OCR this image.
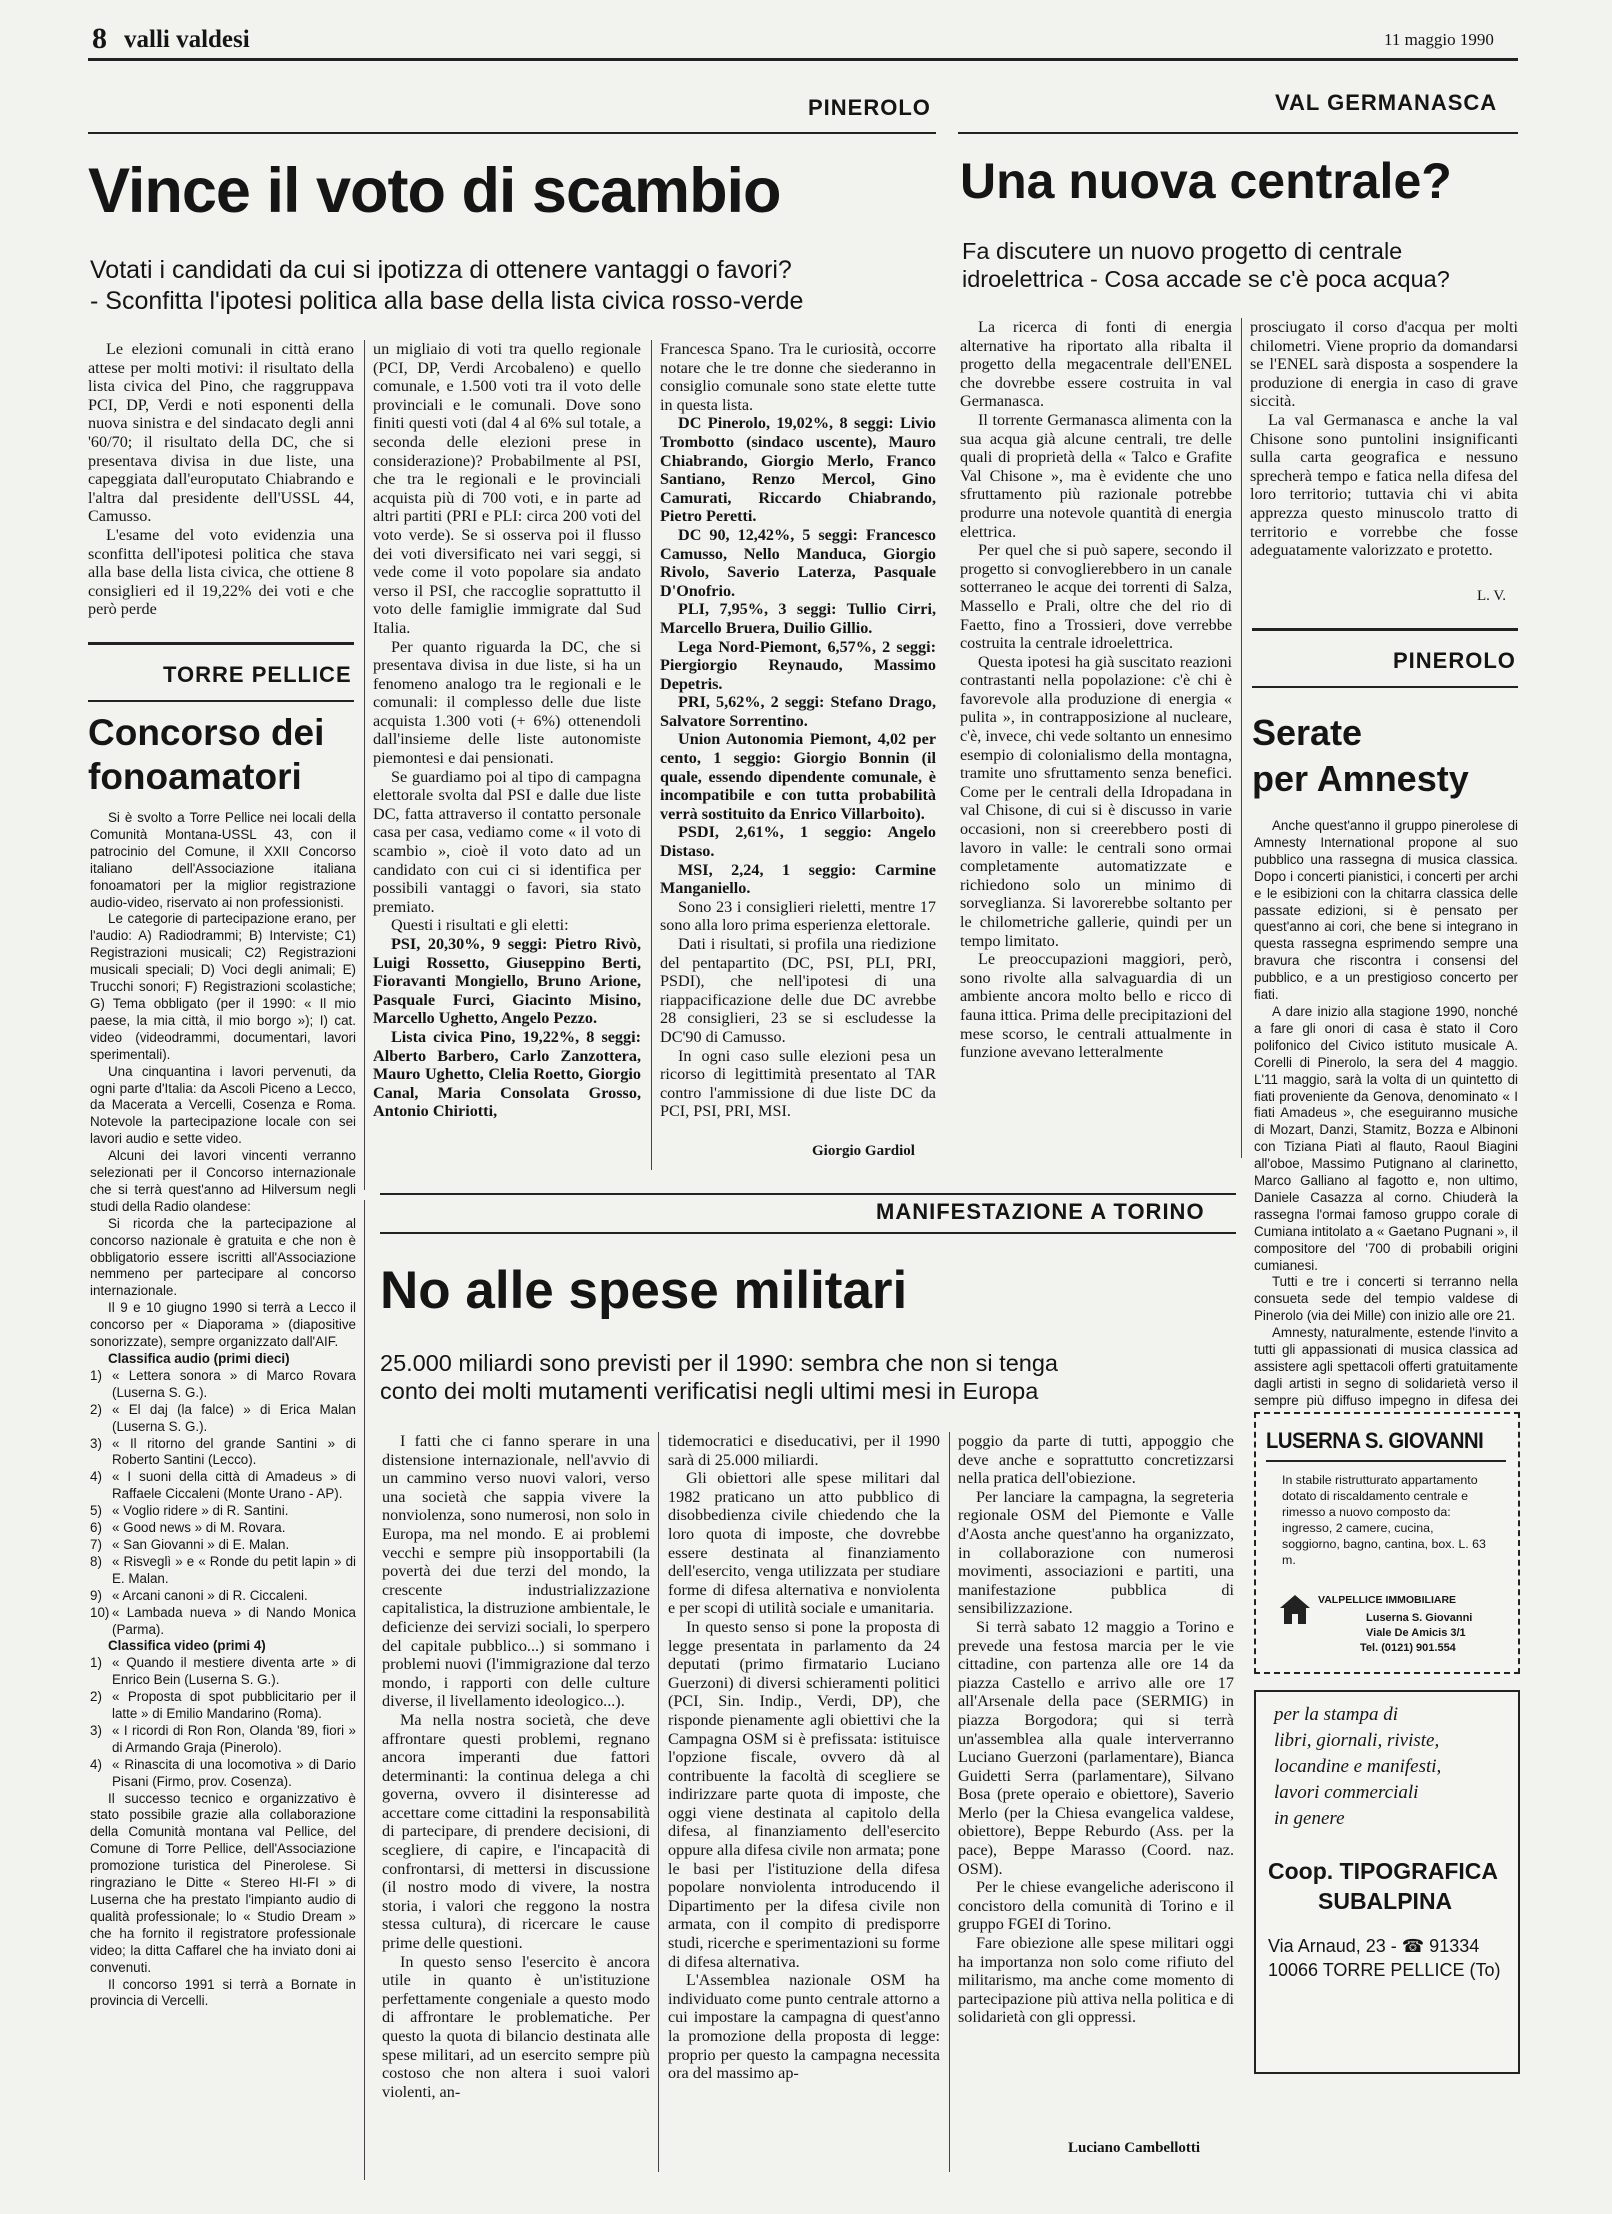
8 valli valdesi	11 maggio 1990
PINEROLO
Vince il voto di scambio
Votati i candidati da cui si ipotizza di ottenere vantaggi o favori?
- Sconfitta l'ipotesi politica alla base della lista civica rosso-verde

Le elezioni comunali in città erano attese per molti motivi: il risultato della lista civica del Pino, che raggruppava PCI, DP, Verdi e noti esponenti della nuova sinistra e del sindacato degli anni '60/70; il risultato della DC, che si presentava divisa in due liste, una capeggiata dall'europutato Chiabrando e l'altra dal presidente dell'USSL 44, Camusso.

L'esame del voto evidenzia una sconfitta dell'ipotesi politica che stava alla base della lista civica, che ottiene 8 consiglieri ed il 19,22% dei voti e che però perde

un migliaio di voti tra quello regionale (PCI, DP, Verdi Arcobaleno) e quello comunale, e 1.500 voti tra il voto delle provinciali e le comunali. Dove sono finiti questi voti (dal 4 al 6% sul totale, a seconda delle elezioni prese in considerazione)? Probabilmente al PSI, che tra le regionali e le provinciali acquista più di 700 voti, e in parte ad altri partiti (PRI e PLI: circa 200 voti del voto verde). Se si osserva poi il flusso dei voti diversificato nei vari seggi, si vede come il voto popolare sia andato verso il PSI, che raccoglie soprattutto il voto delle famiglie immigrate dal Sud Italia.

Per quanto riguarda la DC, che si presentava divisa in due liste, si ha un fenomeno analogo tra le regionali e le comunali: il complesso delle due liste acquista 1.300 voti (+ 6%) ottenendoli dall'insieme delle liste autonomiste piemontesi e dai pensionati.

Se guardiamo poi al tipo di campagna elettorale svolta dal PSI e dalle due liste DC, fatta attraverso il contatto personale casa per casa, vediamo come « il voto di scambio », cioè il voto dato ad un candidato con cui ci si identifica per possibili vantaggi o favori, sia stato premiato.

Questi i risultati e gli eletti:

PSI, 20,30%, 9 seggi: Pietro Rivò, Luigi Rossetto, Giuseppino Berti, Fioravanti Mongiello, Bruno Arione, Pasquale Furci, Giacinto Misino, Marcello Ughetto, Angelo Pezzo.

Lista civica Pino, 19,22%, 8 seggi: Alberto Barbero, Carlo Zanzottera, Mauro Ughetto, Clelia Roetto, Giorgio Canal, Maria Consolata Grosso, Antonio Chiriotti,

Francesca Spano. Tra le curiosità, occorre notare che le tre donne che siederanno in consiglio comunale sono state elette tutte in questa lista.

DC Pinerolo, 19,02%, 8 seggi: Livio Trombotto (sindaco uscente), Mauro Chiabrando, Giorgio Merlo, Franco Santiano, Renzo Mercol, Gino Camurati, Riccardo Chiabrando, Pietro Peretti.

DC 90, 12,42%, 5 seggi: Francesco Camusso, Nello Manduca, Giorgio Rivolo, Saverio Laterza, Pasquale D'Onofrio.

PLI, 7,95%, 3 seggi: Tullio Cirri, Marcello Bruera, Duilio Gillio.

Lega Nord-Piemont, 6,57%, 2 seggi: Piergiorgio Reynaudo, Massimo Depetris.

PRI, 5,62%, 2 seggi: Stefano Drago, Salvatore Sorrentino.

Union Autonomia Piemont, 4,02 per cento, 1 seggio: Giorgio Bonnin (il quale, essendo dipendente comunale, è incompatibile e con tutta probabilità verrà sostituito da Enrico Villarboito).

PSDI, 2,61%, 1 seggio: Angelo Distaso.

MSI, 2,24, 1 seggio: Carmine Manganiello.

Sono 23 i consiglieri rieletti, mentre 17 sono alla loro prima esperienza elettorale.

Dati i risultati, si profila una riedizione del pentapartito (DC, PSI, PLI, PRI, PSDI), che nell'ipotesi di una riappacificazione delle due DC avrebbe 28 consiglieri, 23 se si escludesse la DC'90 di Camusso.

In ogni caso sulle elezioni pesa un ricorso di legittimità presentato al TAR contro l'ammissione di due liste DC da PCI, PSI, PRI, MSI.

Giorgio Gardiol
VAL GERMANASCA
Una nuova centrale?
Fa discutere un nuovo progetto di centrale
idroelettrica - Cosa accade se c'è poca acqua?

La ricerca di fonti di energia alternative ha riportato alla ribalta il progetto della megacentrale dell'ENEL che dovrebbe essere costruita in val Germanasca.

Il torrente Germanasca alimenta con la sua acqua già alcune centrali, tre delle quali di proprietà della « Talco e Grafite Val Chisone », ma è evidente che uno sfruttamento più razionale potrebbe produrre una notevole quantità di energia elettrica.

Per quel che si può sapere, secondo il progetto si convoglierebbero in un canale sotterraneo le acque dei torrenti di Salza, Massello e Prali, oltre che del rio di Faetto, fino a Trossieri, dove verrebbe costruita la centrale idroelettrica.

Questa ipotesi ha già suscitato reazioni contrastanti nella popolazione: c'è chi è favorevole alla produzione di energia « pulita », in contrapposizione al nucleare, c'è, invece, chi vede soltanto un ennesimo esempio di colonialismo della montagna, tramite uno sfruttamento senza benefici. Come per le centrali della Idropadana in val Chisone, di cui si è discusso in varie occasioni, non si creerebbero posti di lavoro in valle: le centrali sono ormai completamente automatizzate e richiedono solo un minimo di sorveglianza. Si lavorerebbe soltanto per le chilometriche gallerie, quindi per un tempo limitato.

Le preoccupazioni maggiori, però, sono rivolte alla salvaguardia di un ambiente ancora molto bello e ricco di fauna ittica. Prima delle precipitazioni del mese scorso, le centrali attualmente in funzione avevano letteralmente

prosciugato il corso d'acqua per molti chilometri. Viene proprio da domandarsi se l'ENEL sarà disposta a sospendere la produzione di energia in caso di grave siccità.

La val Germanasca e anche la val Chisone sono puntolini insignificanti sulla carta geografica e nessuno sprecherà tempo e fatica nella difesa del loro territorio; tuttavia chi vi abita apprezza questo minuscolo tratto di territorio e vorrebbe che fosse adeguatamente valorizzato e protetto.

L. V.
TORRE PELLICE
Concorso dei
fonoamatori

Si è svolto a Torre Pellice nei locali della Comunità Montana-USSL 43, con il patrocinio del Comune, il XXII Concorso italiano dell'Associazione italiana fonoamatori per la miglior registrazione audio-video, riservato ai non professionisti.

Le categorie di partecipazione erano, per l'audio: A) Radiodrammi; B) Interviste; C1) Registrazioni musicali; C2) Registrazioni musicali speciali; D) Voci degli animali; E) Trucchi sonori; F) Registrazioni scolastiche; G) Tema obbligato (per il 1990: « Il mio paese, la mia città, il mio borgo »); I) cat. video (videodrammi, documentari, lavori sperimentali).

Una cinquantina i lavori pervenuti, da ogni parte d'Italia: da Ascoli Piceno a Lecco, da Macerata a Vercelli, Cosenza e Roma. Notevole la partecipazione locale con sei lavori audio e sette video.

Alcuni dei lavori vincenti verranno selezionati per il Concorso internazionale che si terrà quest'anno ad Hilversum negli studi della Radio olandese:

Si ricorda che la partecipazione al concorso nazionale è gratuita e che non è obbligatorio essere iscritti all'Associazione nemmeno per partecipare al concorso internazionale.

Il 9 e 10 giugno 1990 si terrà a Lecco il concorso per « Diaporama » (diapositive sonorizzate), sempre organizzato dall'AIF.

Classifica audio (primi dieci)

1) « Lettera sonora » di Marco Rovara (Luserna S. G.).

2) « El daj (la falce) » di Erica Malan (Luserna S. G.).

3) « Il ritorno del grande Santini » di Roberto Santini (Lecco).

4) « I suoni della città di Amadeus » di Raffaele Ciccaleni (Monte Urano - AP).

5) « Voglio ridere » di R. Santini.

6) « Good news » di M. Rovara.

7) « San Giovanni » di E. Malan.

8) « Risveglì » e « Ronde du petit lapin » di E. Malan.

9) « Arcani canoni » di R. Ciccaleni.

10) « Lambada nueva » di Nando Monica (Parma).

Classifica video (primi 4)

1) « Quando il mestiere diventa arte » di Enrico Bein (Luserna S. G.).

2) « Proposta di spot pubblicitario per il latte » di Emilio Mandarino (Roma).

3) « I ricordi di Ron Ron, Olanda '89, fiori » di Armando Graja (Pinerolo).

4) « Rinascita di una locomotiva » di Dario Pisani (Firmo, prov. Cosenza).

Il successo tecnico e organizzativo è stato possibile grazie alla collaborazione della Comunità montana val Pellice, del Comune di Torre Pellice, dell'Associazione promozione turistica del Pinerolese. Si ringraziano le Ditte « Stereo HI-FI » di Luserna che ha prestato l'impianto audio di qualità professionale; lo « Studio Dream » che ha fornito il registratore professionale video; la ditta Caffarel che ha inviato doni ai convenuti.

Il concorso 1991 si terrà a Bornate in provincia di Vercelli.

PINEROLO
Serate
per Amnesty

Anche quest'anno il gruppo pinerolese di Amnesty International propone al suo pubblico una rassegna di musica classica. Dopo i concerti pianistici, i concerti per archi e le esibizioni con la chitarra classica delle passate edizioni, si è pensato per quest'anno ai cori, che bene si integrano in questa rassegna esprimendo sempre una bravura che riscontra i consensi del pubblico, e a un prestigioso concerto per fiati.

A dare inizio alla stagione 1990, nonché a fare gli onori di casa è stato il Coro polifonico del Civico istituto musicale A. Corelli di Pinerolo, la sera del 4 maggio. L'11 maggio, sarà la volta di un quintetto di fiati proveniente da Genova, denominato « I fiati Amadeus », che eseguiranno musiche di Mozart, Danzi, Stamitz, Bozza e Albinoni con Tiziana Piatì al flauto, Raoul Biagini all'oboe, Massimo Putignano al clarinetto, Marco Galliano al fagotto e, non ultimo, Daniele Casazza al corno. Chiuderà la rassegna l'ormai famoso gruppo corale di Cumiana intitolato a « Gaetano Pugnani », il compositore del '700 di probabili origini cumianesi.

Tutti e tre i concerti si terranno nella consueta sede del tempio valdese di Pinerolo (via dei Mille) con inizio alle ore 21.

Amnesty, naturalmente, estende l'invito a tutti gli appassionati di musica classica ad assistere agli spettacoli offerti gratuitamente dagli artisti in segno di solidarietà verso il sempre più diffuso impegno in difesa dei

LUSERNA S. GIOVANNI
In stabile ristrutturato appartamento dotato di riscaldamento centrale e rimesso a nuovo composto da: ingresso, 2 camere, cucina, soggiorno, bagno, cantina, box. L. 63 m.
VALPELLICE IMMOBILIARE
Luserna S. Giovanni
Viale De Amicis 3/1
Tel. (0121) 901.554
per la stampa di
libri, giornali, riviste,
locandine e manifesti,
lavori commerciali
in genere
Coop. TIPOGRAFICA
SUBALPINA
Via Arnaud, 23 - ☎ 91334
10066 TORRE PELLICE (To)
MANIFESTAZIONE A TORINO
No alle spese militari
25.000 miliardi sono previsti per il 1990: sembra che non si tenga
conto dei molti mutamenti verificatisi negli ultimi mesi in Europa

I fatti che ci fanno sperare in una distensione internazionale, nell'avvio di un cammino verso nuovi valori, verso una società che sappia vivere la nonviolenza, sono numerosi, non solo in Europa, ma nel mondo. E ai problemi vecchi e sempre più insopportabili (la povertà dei due terzi del mondo, la crescente industrializzazione capitalistica, la distruzione ambientale, le deficienze dei servizi sociali, lo sperpero del capitale pubblico...) si sommano i problemi nuovi (l'immigrazione dal terzo mondo, i rapporti con delle culture diverse, il livellamento ideologico...).

Ma nella nostra società, che deve affrontare questi problemi, regnano ancora imperanti due fattori determinanti: la continua delega a chi governa, ovvero il disinteresse ad accettare come cittadini la responsabilità di partecipare, di prendere decisioni, di scegliere, di capire, e l'incapacità di confrontarsi, di mettersi in discussione (il nostro modo di vivere, la nostra storia, i valori che reggono la nostra stessa cultura), di ricercare le cause prime delle questioni.

In questo senso l'esercito è ancora utile in quanto è un'istituzione perfettamente congeniale a questo modo di affrontare le problematiche. Per questo la quota di bilancio destinata alle spese militari, ad un esercito sempre più costoso che non altera i suoi valori violenti, an-

tidemocratici e diseducativi, per il 1990 sarà di 25.000 miliardi.

Gli obiettori alle spese militari dal 1982 praticano un atto pubblico di disobbedienza civile chiedendo che la loro quota di imposte, che dovrebbe essere destinata al finanziamento dell'esercito, venga utilizzata per studiare forme di difesa alternativa e nonviolenta e per scopi di utilità sociale e umanitaria.

In questo senso si pone la proposta di legge presentata in parlamento da 24 deputati (primo firmatario Luciano Guerzoni) di diversi schieramenti politici (PCI, Sin. Indip., Verdi, DP), che risponde pienamente agli obiettivi che la Campagna OSM si è prefissata: istituisce l'opzione fiscale, ovvero dà al contribuente la facoltà di scegliere se indirizzare parte quota di imposte, che oggi viene destinata al capitolo della difesa, al finanziamento dell'esercito oppure alla difesa civile non armata; pone le basi per l'istituzione della difesa popolare nonviolenta introducendo il Dipartimento per la difesa civile non armata, con il compito di predisporre studi, ricerche e sperimentazioni su forme di difesa alternativa.

L'Assemblea nazionale OSM ha individuato come punto centrale attorno a cui impostare la campagna di quest'anno la promozione della proposta di legge: proprio per questo la campagna necessita ora del massimo ap-

poggio da parte di tutti, appoggio che deve anche e soprattutto concretizzarsi nella pratica dell'obiezione.

Per lanciare la campagna, la segreteria regionale OSM del Piemonte e Valle d'Aosta anche quest'anno ha organizzato, in collaborazione con numerosi movimenti, associazioni e partiti, una manifestazione pubblica di sensibilizzazione.

Si terrà sabato 12 maggio a Torino e prevede una festosa marcia per le vie cittadine, con partenza alle ore 14 da piazza Castello e arrivo alle ore 17 all'Arsenale della pace (SERMIG) in piazza Borgodora; qui si terrà un'assemblea alla quale interverranno Luciano Guerzoni (parlamentare), Bianca Guidetti Serra (parlamentare), Silvano Bosa (prete operaio e obiettore), Saverio Merlo (per la Chiesa evangelica valdese, obiettore), Beppe Reburdo (Ass. per la pace), Beppe Marasso (Coord. naz. OSM).

Per le chiese evangeliche aderiscono il concistoro della comunità di Torino e il gruppo FGEI di Torino.

Fare obiezione alle spese militari oggi ha importanza non solo come rifiuto del militarismo, ma anche come momento di partecipazione più attiva nella politica e di solidarietà con gli oppressi.

Luciano Cambellotti
